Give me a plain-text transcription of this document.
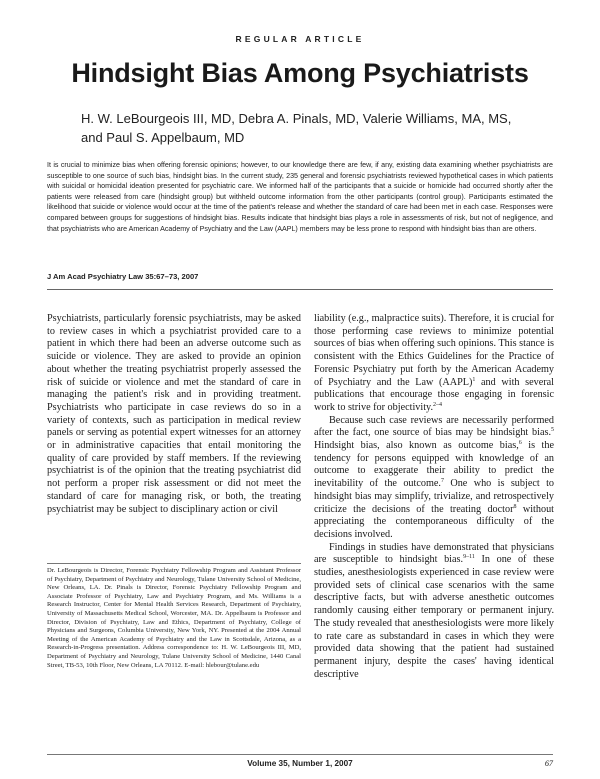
REGULAR ARTICLE
Hindsight Bias Among Psychiatrists
H. W. LeBourgeois III, MD, Debra A. Pinals, MD, Valerie Williams, MA, MS, and Paul S. Appelbaum, MD

It is crucial to minimize bias when offering forensic opinions; however, to our knowledge there are few, if any, existing data examining whether psychiatrists are susceptible to one source of such bias, hindsight bias. In the current study, 235 general and forensic psychiatrists reviewed hypothetical cases in which patients with suicidal or homicidal ideation presented for psychiatric care. We informed half of the participants that a suicide or homicide had occurred shortly after the patients were released from care (hindsight group) but withheld outcome information from the other participants (control group). Participants estimated the likelihood that suicide or violence would occur at the time of the patient's release and whether the standard of care had been met in each case. Responses were compared between groups for suggestions of hindsight bias. Results indicate that hindsight bias plays a role in assessments of risk, but not of negligence, and that psychiatrists who are American Academy of Psychiatry and the Law (AAPL) members may be less prone to respond with hindsight bias than are others.

J Am Acad Psychiatry Law 35:67–73, 2007

Psychiatrists, particularly forensic psychiatrists, may be asked to review cases in which a psychiatrist provided care to a patient in which there had been an adverse outcome such as suicide or violence. They are asked to provide an opinion about whether the treating psychiatrist properly assessed the risk of suicide or violence and met the standard of care in managing the patient's risk and in providing treatment. Psychiatrists who participate in case reviews do so in a variety of contexts, such as participation in medical review panels or serving as potential expert witnesses for an attorney or in administrative capacities that entail monitoring the quality of care provided by staff members. If the reviewing psychiatrist is of the opinion that the treating psychiatrist did not perform a proper risk assessment or did not meet the standard of care for managing risk, or both, the treating psychiatrist may be subject to disciplinary action or civil

liability (e.g., malpractice suits). Therefore, it is crucial for those performing case reviews to minimize potential sources of bias when offering such opinions. This stance is consistent with the Ethics Guidelines for the Practice of Forensic Psychiatry put forth by the American Academy of Psychiatry and the Law (AAPL)$^1$ and with several publications that encourage those engaging in forensic work to strive for objectivity.$^{2-4}$

Because such case reviews are necessarily performed after the fact, one source of bias may be hindsight bias.$^5$ Hindsight bias, also known as outcome bias,$^6$ is the tendency for persons equipped with knowledge of an outcome to exaggerate their ability to predict the inevitability of the outcome.$^7$ One who is subject to hindsight bias may simplify, trivialize, and retrospectively criticize the decisions of the treating doctor$^8$ without appreciating the contemporaneous difficulty of the decisions involved.

Findings in studies have demonstrated that physicians are susceptible to hindsight bias.$^{9-11}$ In one of these studies, anesthesiologists experienced in case review were provided sets of clinical case scenarios with the same descriptive facts, but with adverse anesthetic outcomes randomly causing either temporary or permanent injury. The study revealed that anesthesiologists were more likely to rate care as substandard in cases in which they were provided data showing that the patient had sustained permanent injury, despite the cases' having identical descriptive

Dr. LeBourgeois is Director, Forensic Psychiatry Fellowship Program and Assistant Professor of Psychiatry, Department of Psychiatry and Neurology, Tulane University School of Medicine, New Orleans, LA. Dr. Pinals is Director, Forensic Psychiatry Fellowship Program and Associate Professor of Psychiatry, Law and Psychiatry Program, and Ms. Williams is a Research Instructor, Center for Mental Health Services Research, Department of Psychiatry, University of Massachusetts Medical School, Worcester, MA. Dr. Appelbaum is Professor and Director, Division of Psychiatry, Law and Ethics, Department of Psychiatry, College of Physicians and Surgeons, Columbia University, New York, NY. Presented at the 2004 Annual Meeting of the American Academy of Psychiatry and the Law in Scottsdale, Arizona, as a Research-in-Progress presentation. Address correspondence to: H. W. LeBourgeois III, MD, Department of Psychiatry and Neurology, Tulane University School of Medicine, 1440 Canal Street, TB-53, 10th Floor, New Orleans, LA 70112. E-mail: hlebour@tulane.edu

Volume 35, Number 1, 2007	67
